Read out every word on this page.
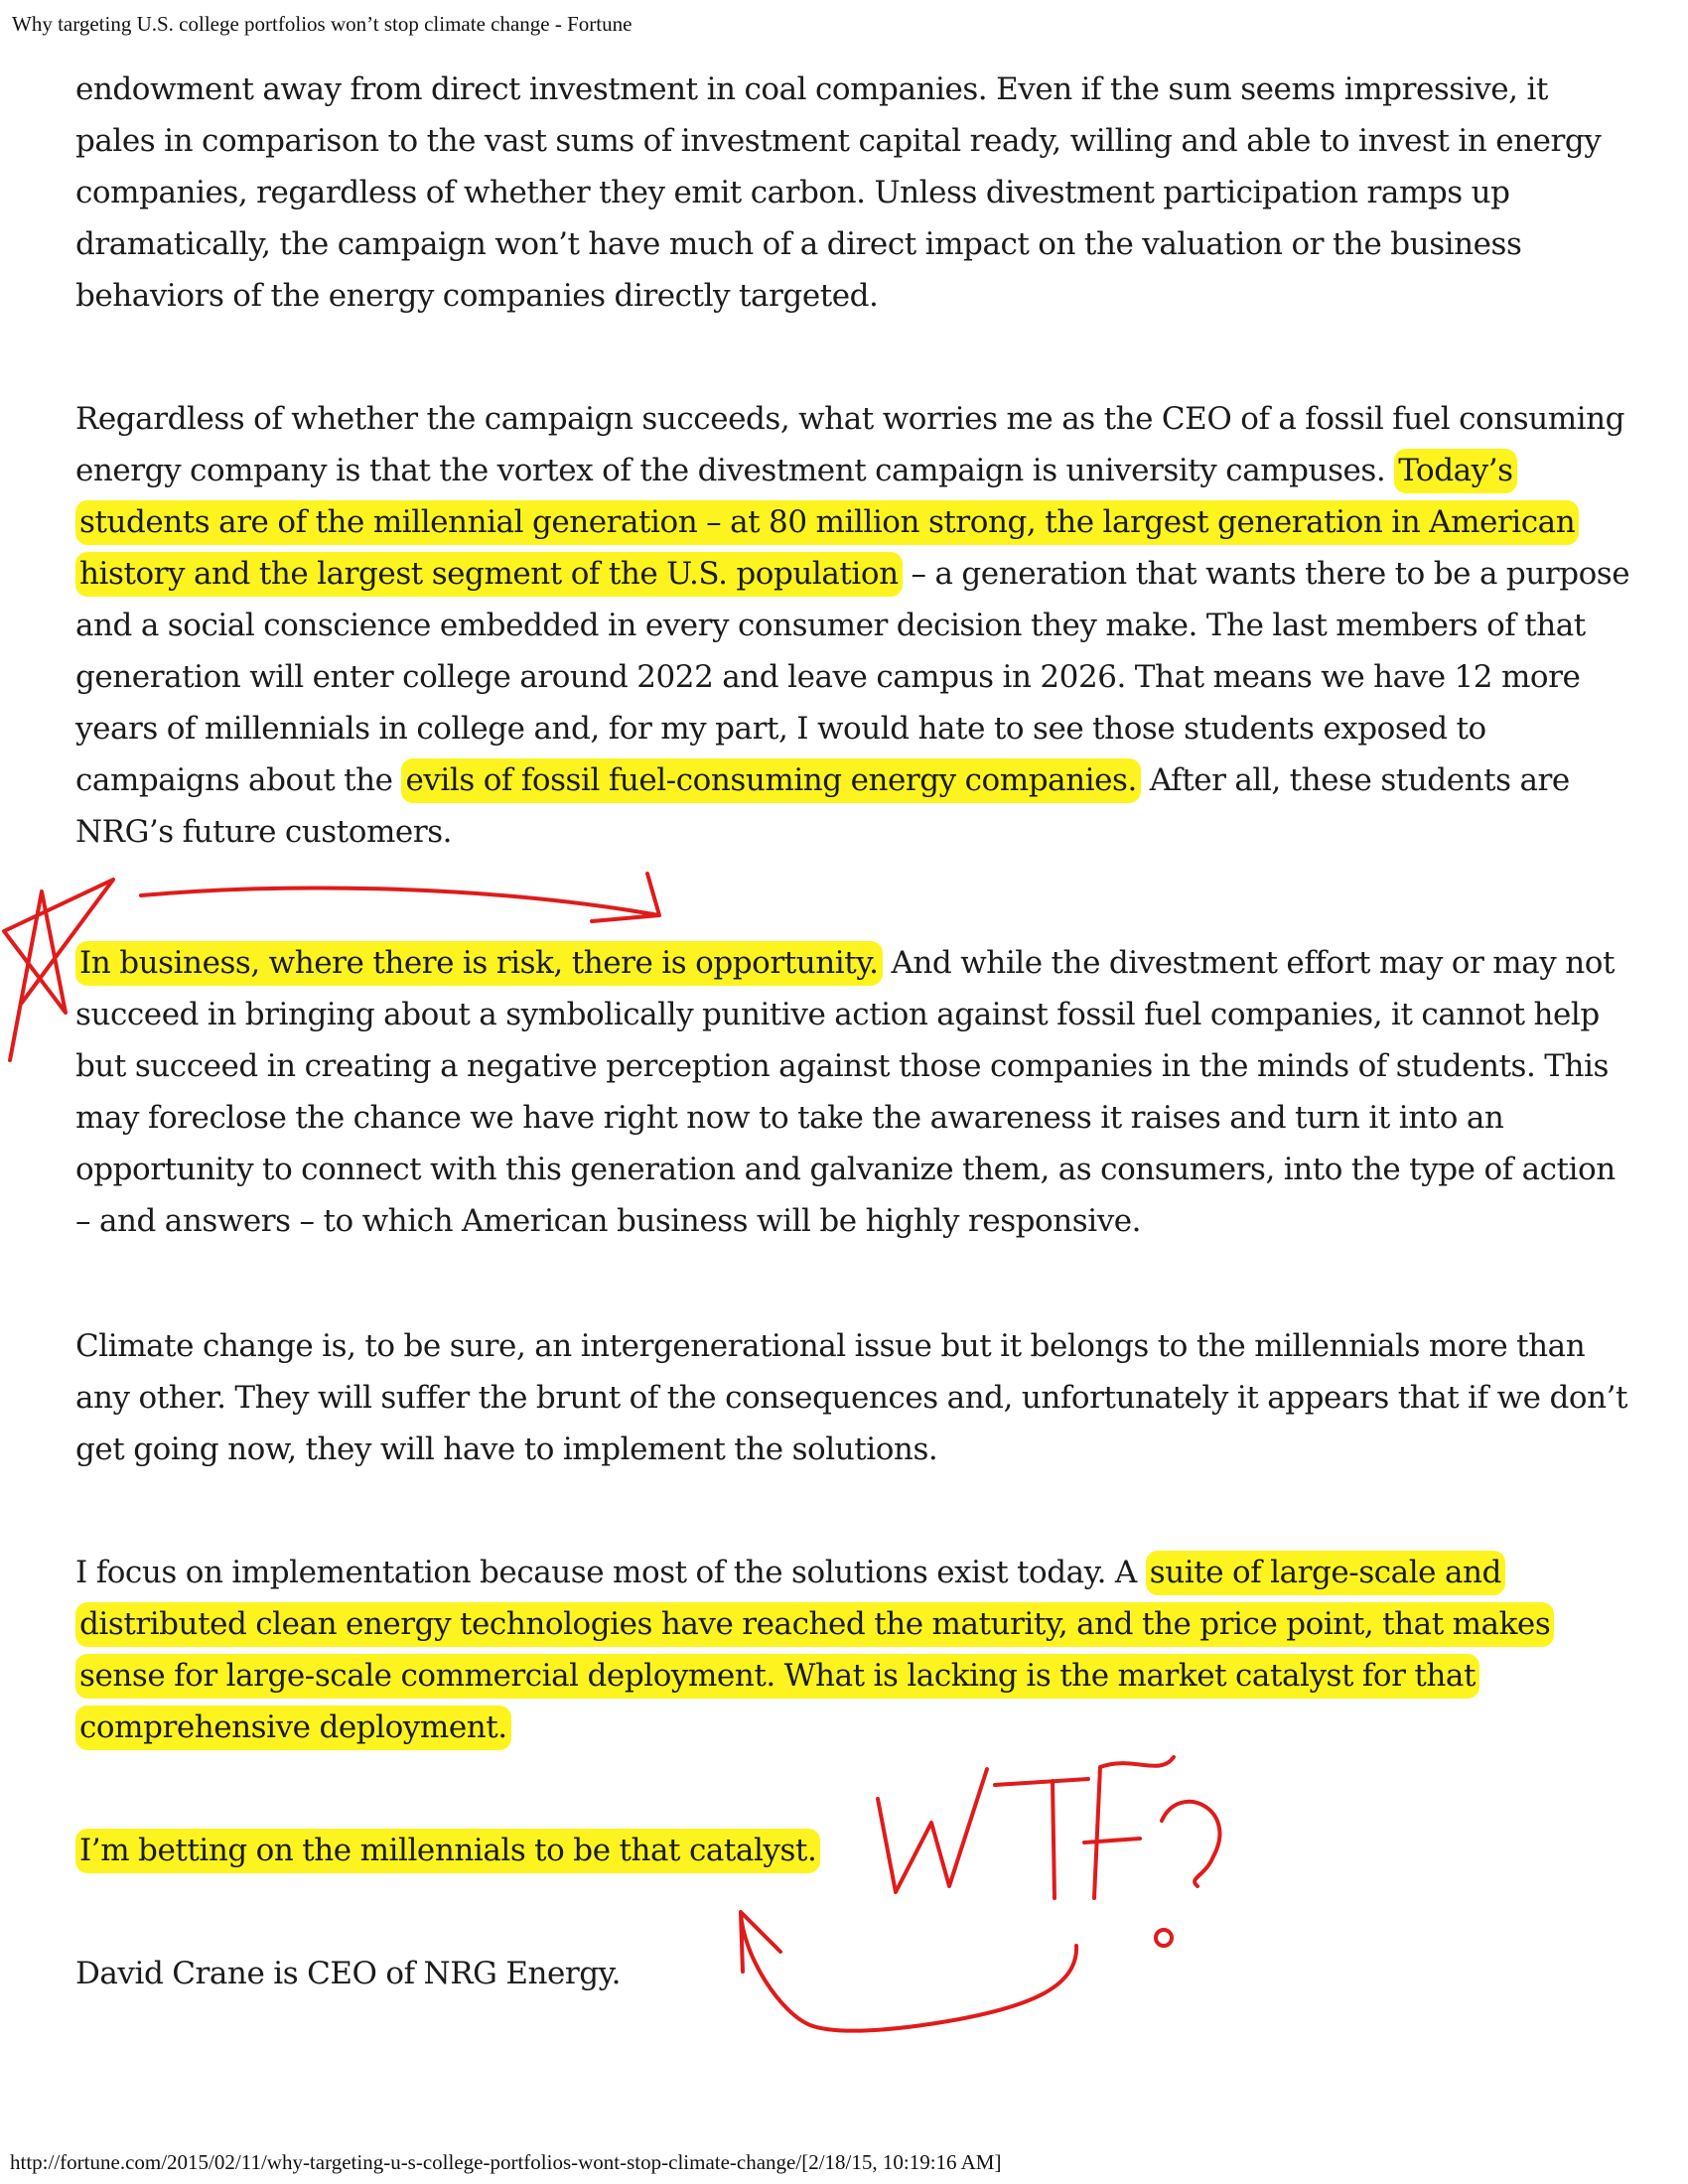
Why targeting U.S. college portfolios won’t stop climate change - Fortune

endowment away from direct investment in coal companies. Even if the sum seems impressive, it pales in comparison to the vast sums of investment capital ready, willing and able to invest in energy companies, regardless of whether they emit carbon. Unless divestment participation ramps up dramatically, the campaign won’t have much of a direct impact on the valuation or the business behaviors of the energy companies directly targeted.

Regardless of whether the campaign succeeds, what worries me as the CEO of a fossil fuel consuming energy company is that the vortex of the divestment campaign is university campuses. Today’s students are of the millennial generation – at 80 million strong, the largest generation in American history and the largest segment of the U.S. population – a generation that wants there to be a purpose and a social conscience embedded in every consumer decision they make. The last members of that generation will enter college around 2022 and leave campus in 2026. That means we have 12 more years of millennials in college and, for my part, I would hate to see those students exposed to campaigns about the evils of fossil fuel-consuming energy companies. After all, these students are NRG’s future customers.

In business, where there is risk, there is opportunity. And while the divestment effort may or may not succeed in bringing about a symbolically punitive action against fossil fuel companies, it cannot help but succeed in creating a negative perception against those companies in the minds of students. This may foreclose the chance we have right now to take the awareness it raises and turn it into an opportunity to connect with this generation and galvanize them, as consumers, into the type of action – and answers – to which American business will be highly responsive.

Climate change is, to be sure, an intergenerational issue but it belongs to the millennials more than any other. They will suffer the brunt of the consequences and, unfortunately it appears that if we don’t get going now, they will have to implement the solutions.

I focus on implementation because most of the solutions exist today. A suite of large-scale and distributed clean energy technologies have reached the maturity, and the price point, that makes sense for large-scale commercial deployment. What is lacking is the market catalyst for that comprehensive deployment.

I’m betting on the millennials to be that catalyst.

David Crane is CEO of NRG Energy.

http://fortune.com/2015/02/11/why-targeting-u-s-college-portfolios-wont-stop-climate-change/[2/18/15, 10:19:16 AM]
